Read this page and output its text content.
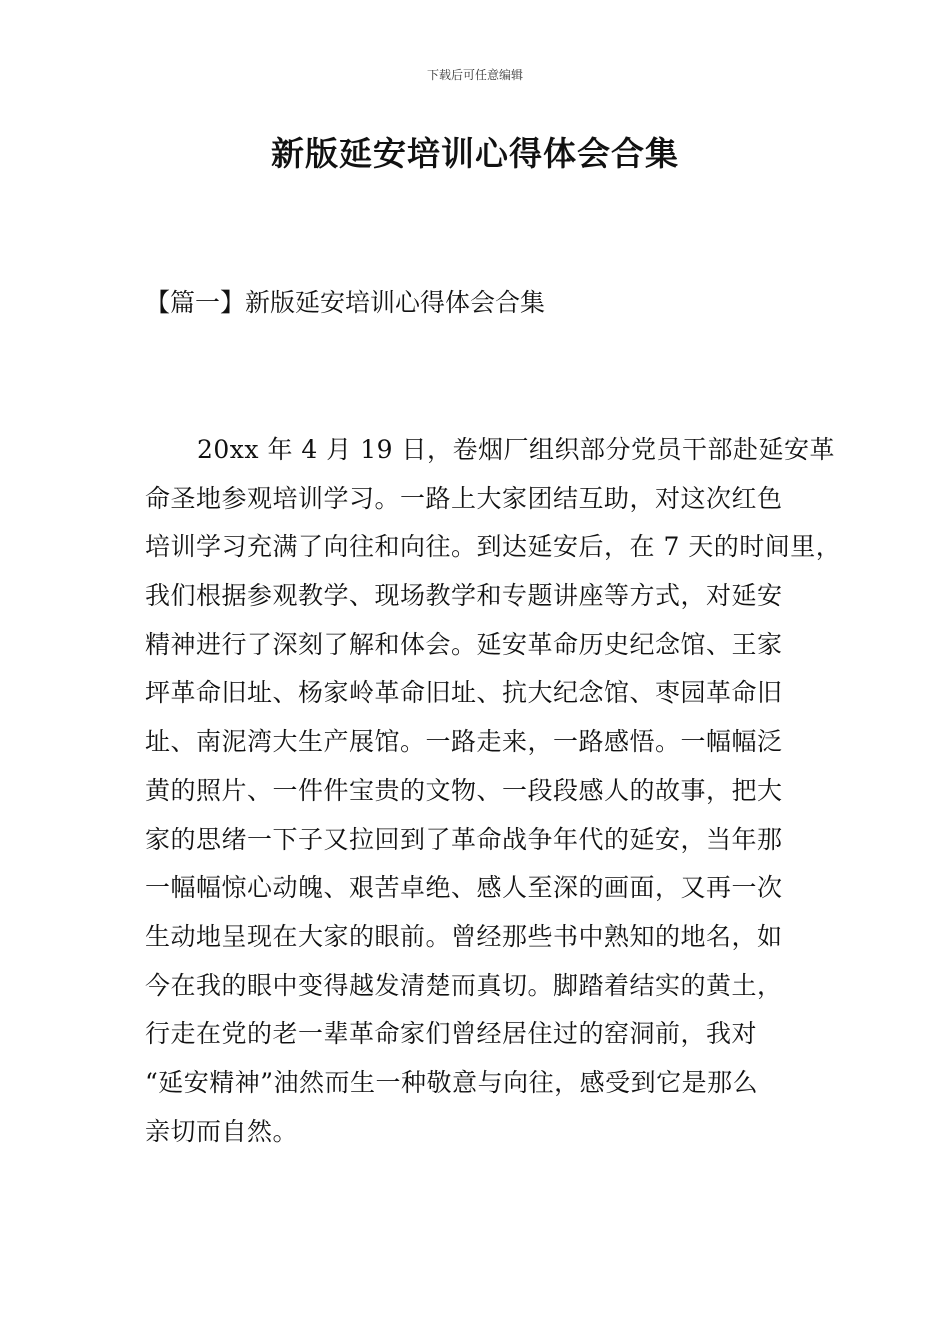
下载后可任意编辑
新版延安培训心得体会合集
【篇一】新版延安培训心得体会合集
20xx 年 4 月 19 日，卷烟厂组织部分党员干部赴延安革
命圣地参观培训学习。一路上大家团结互助，对这次红色
培训学习充满了向往和向往。到达延安后，在 7 天的时间里，
我们根据参观教学、现场教学和专题讲座等方式，对延安
精神进行了深刻了解和体会。延安革命历史纪念馆、王家
坪革命旧址、杨家岭革命旧址、抗大纪念馆、枣园革命旧
址、南泥湾大生产展馆。一路走来，一路感悟。一幅幅泛
黄的照片、一件件宝贵的文物、一段段感人的故事，把大
家的思绪一下子又拉回到了革命战争年代的延安，当年那
一幅幅惊心动魄、艰苦卓绝、感人至深的画面，又再一次
生动地呈现在大家的眼前。曾经那些书中熟知的地名，如
今在我的眼中变得越发清楚而真切。脚踏着结实的黄土，
行走在党的老一辈革命家们曾经居住过的窑洞前，我对
“延安精神”油然而生一种敬意与向往，感受到它是那么
亲切而自然。
